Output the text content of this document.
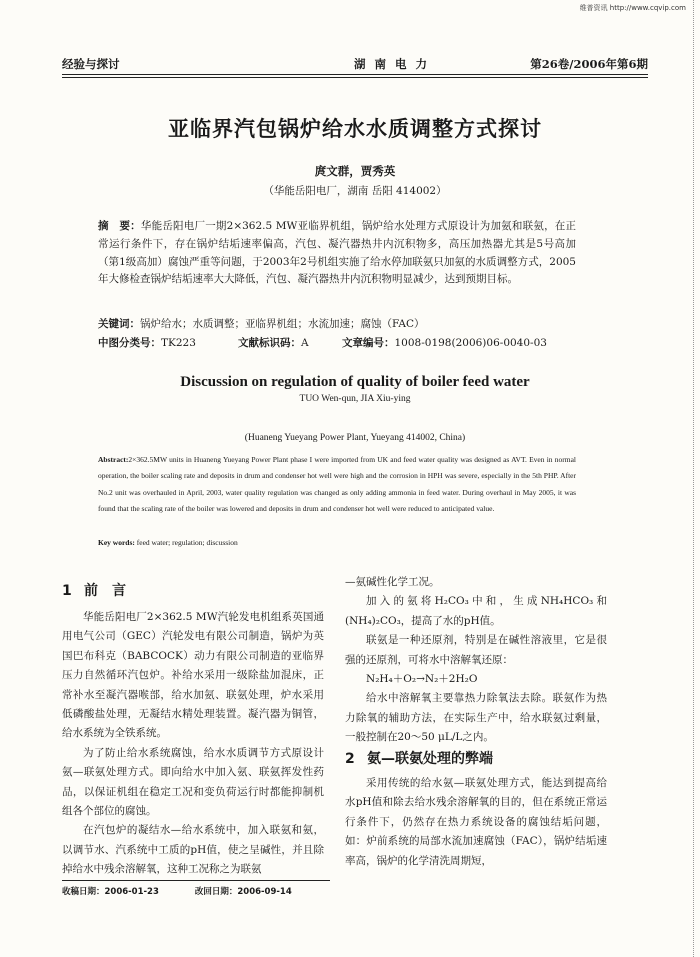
维普资讯 http://www.cqvip.com
经验与探讨	湖南电力	第26卷/2006年第6期
亚临界汽包锅炉给水水质调整方式探讨
庹文群，贾秀英
（华能岳阳电厂，湖南 岳阳 414002）
摘　要：华能岳阳电厂一期2×362.5 MW亚临界机组，锅炉给水处理方式原设计为加氨和联氨，在正常运行条件下，存在锅炉结垢速率偏高，汽包、凝汽器热井内沉积物多，高压加热器尤其是5号高加（第1级高加）腐蚀严重等问题，于2003年2号机组实施了给水停加联氨只加氨的水质调整方式，2005年大修检查锅炉结垢速率大大降低，汽包、凝汽器热井内沉积物明显减少，达到预期目标。
关键词：锅炉给水；水质调整；亚临界机组；水流加速；腐蚀（FAC）
中图分类号：TK223	文献标识码：A	文章编号：1008-0198(2006)06-0040-03
Discussion on regulation of quality of boiler feed water
TUO Wen-qun, JIA Xiu-ying
(Huaneng Yueyang Power Plant, Yueyang 414002, China)
Abstract:2×362.5MW units in Huaneng Yueyang Power Plant phase I were imported from UK and feed water quality was designed as AVT. Even in normal operation, the boiler scaling rate and deposits in drum and condenser hot well were high and the corrosion in HPH was severe, especially in the 5th PHP. After No.2 unit was overhauled in April, 2003, water quality regulation was changed as only adding ammonia in feed water. During overhaul in May 2005, it was found that the scaling rate of the boiler was lowered and deposits in drum and condenser hot well were reduced to anticipated value.
Key words: feed water; regulation; discussion
1 前　言

华能岳阳电厂2×362.5 MW汽轮发电机组系英国通用电气公司（GEC）汽轮发电有限公司制造，锅炉为英国巴布科克（BABCOCK）动力有限公司制造的亚临界压力自然循环汽包炉。补给水采用一级除盐加混床，正常补水至凝汽器喉部，给水加氨、联氨处理，炉水采用低磷酸盐处理，无凝结水精处理装置。凝汽器为铜管，给水系统为全铁系统。

为了防止给水系统腐蚀，给水水质调节方式原设计氨—联氨处理方式。即向给水中加入氨、联氨挥发性药品，以保证机组在稳定工况和变负荷运行时都能抑制机组各个部位的腐蚀。

在汽包炉的凝结水—给水系统中，加入联氨和氨，以调节水、汽系统中工质的pH值，使之呈碱性，并且除掉给水中残余溶解氧，这种工况称之为联氨

—氨碱性化学工况。

加入的氨将H₂CO₃中和，生成NH₄HCO₃和(NH₄)₂CO₃，提高了水的pH值。

联氨是一种还原剂，特别是在碱性溶液里，它是很强的还原剂，可将水中溶解氧还原：

N₂H₄＋O₂→N₂＋2H₂O

给水中溶解氧主要靠热力除氧法去除。联氨作为热力除氧的辅助方法，在实际生产中，给水联氨过剩量，一般控制在20～50 μL/L之内。

2 氨—联氨处理的弊端

采用传统的给水氨—联氨处理方式，能达到提高给水pH值和除去给水残余溶解氧的目的，但在系统正常运行条件下，仍然存在热力系统设备的腐蚀结垢问题，如：炉前系统的局部水流加速腐蚀（FAC），锅炉结垢速率高，锅炉的化学清洗周期短，

收稿日期：2006-01-23	改回日期：2006-09-14
